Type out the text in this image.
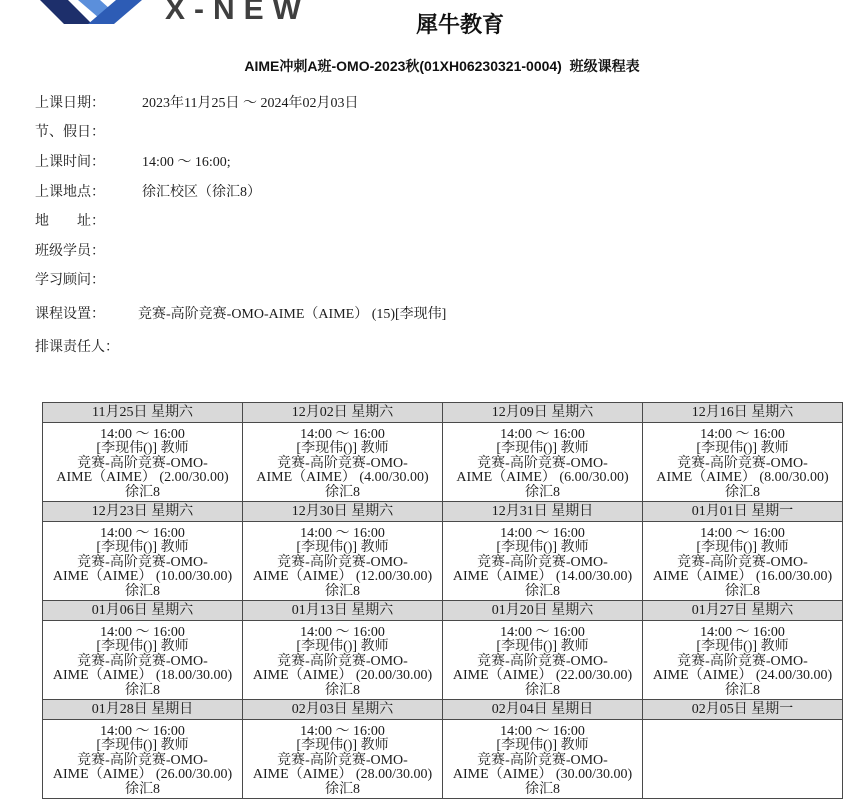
X-NEW	犀牛教育
AIME冲刺A班-OMO-2023秋(01XH06230321-0004)  班级课程表

上课日期：

	2023年11月25日 ～ 2024年02月03日

节、假日：

上课时间：

	14:00 ～ 16:00;

上课地点：

	徐汇校区（徐汇8）

地　　址：

班级学员：

学习顾问：

课程设置：

竞赛-高阶竞赛-OMO-AIME（AIME） (15)[李现伟]

排课责任人：

11月25日 星期六	12月02日 星期六	12月09日 星期六	12月16日 星期六
14:00 ～ 16:00
[李现伟()] 教师
竞赛-高阶竞赛-OMO-
AIME（AIME） (2.00/30.00)
徐汇8
14:00 ～ 16:00
[李现伟()] 教师
竞赛-高阶竞赛-OMO-
AIME（AIME） (4.00/30.00)
徐汇8
14:00 ～ 16:00
[李现伟()] 教师
竞赛-高阶竞赛-OMO-
AIME（AIME） (6.00/30.00)
徐汇8
14:00 ～ 16:00
[李现伟()] 教师
竞赛-高阶竞赛-OMO-
AIME（AIME） (8.00/30.00)
徐汇8
12月23日 星期六	12月30日 星期六	12月31日 星期日	01月01日 星期一
14:00 ～ 16:00
[李现伟()] 教师
竞赛-高阶竞赛-OMO-
AIME（AIME） (10.00/30.00)
徐汇8
14:00 ～ 16:00
[李现伟()] 教师
竞赛-高阶竞赛-OMO-
AIME（AIME） (12.00/30.00)
徐汇8
14:00 ～ 16:00
[李现伟()] 教师
竞赛-高阶竞赛-OMO-
AIME（AIME） (14.00/30.00)
徐汇8
14:00 ～ 16:00
[李现伟()] 教师
竞赛-高阶竞赛-OMO-
AIME（AIME） (16.00/30.00)
徐汇8
01月06日 星期六	01月13日 星期六	01月20日 星期六	01月27日 星期六
14:00 ～ 16:00
[李现伟()] 教师
竞赛-高阶竞赛-OMO-
AIME（AIME） (18.00/30.00)
徐汇8
14:00 ～ 16:00
[李现伟()] 教师
竞赛-高阶竞赛-OMO-
AIME（AIME） (20.00/30.00)
徐汇8
14:00 ～ 16:00
[李现伟()] 教师
竞赛-高阶竞赛-OMO-
AIME（AIME） (22.00/30.00)
徐汇8
14:00 ～ 16:00
[李现伟()] 教师
竞赛-高阶竞赛-OMO-
AIME（AIME） (24.00/30.00)
徐汇8
01月28日 星期日	02月03日 星期六	02月04日 星期日	02月05日 星期一
14:00 ～ 16:00
[李现伟()] 教师
竞赛-高阶竞赛-OMO-
AIME（AIME） (26.00/30.00)
徐汇8
14:00 ～ 16:00
[李现伟()] 教师
竞赛-高阶竞赛-OMO-
AIME（AIME） (28.00/30.00)
徐汇8
14:00 ～ 16:00
[李现伟()] 教师
竞赛-高阶竞赛-OMO-
AIME（AIME） (30.00/30.00)
徐汇8
